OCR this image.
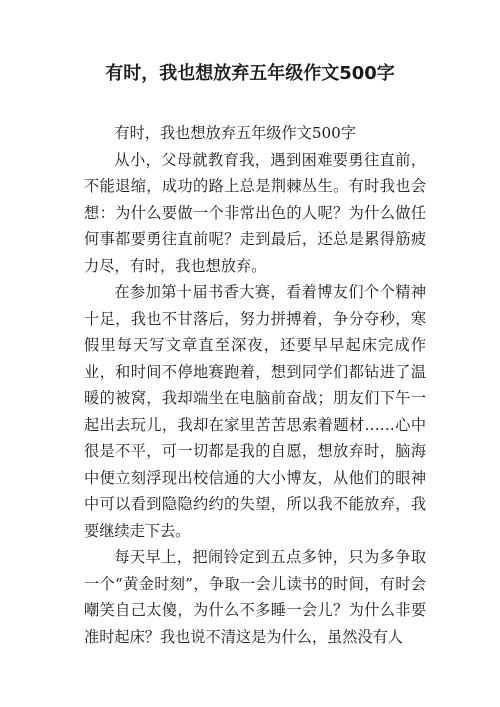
有时，我也想放弃五年级作文500字

有时，我也想放弃五年级作文500字

从小，父母就教育我，遇到困难要勇往直前，不能退缩，成功的路上总是荆棘丛生。有时我也会想：为什么要做一个非常出色的人呢？为什么做任何事都要勇往直前呢？走到最后，还总是累得筋疲力尽，有时，我也想放弃。

在参加第十届书香大赛，看着博友们个个精神十足，我也不甘落后，努力拼搏着，争分夺秒，寒假里每天写文章直至深夜，还要早早起床完成作业，和时间不停地赛跑着，想到同学们都钻进了温暖的被窝，我却端坐在电脑前奋战；朋友们下午一起出去玩儿，我却在家里苦苦思索着题材……心中很是不平，可一切都是我的自愿，想放弃时，脑海中便立刻浮现出校信通的大小博友，从他们的眼神中可以看到隐隐约约的失望，所以我不能放弃，我要继续走下去。

每天早上，把闹铃定到五点多钟，只为多争取一个“黄金时刻”，争取一会儿读书的时间，有时会嘲笑自己太傻，为什么不多睡一会儿？为什么非要准时起床？我也说不清这是为什么，虽然没有人
